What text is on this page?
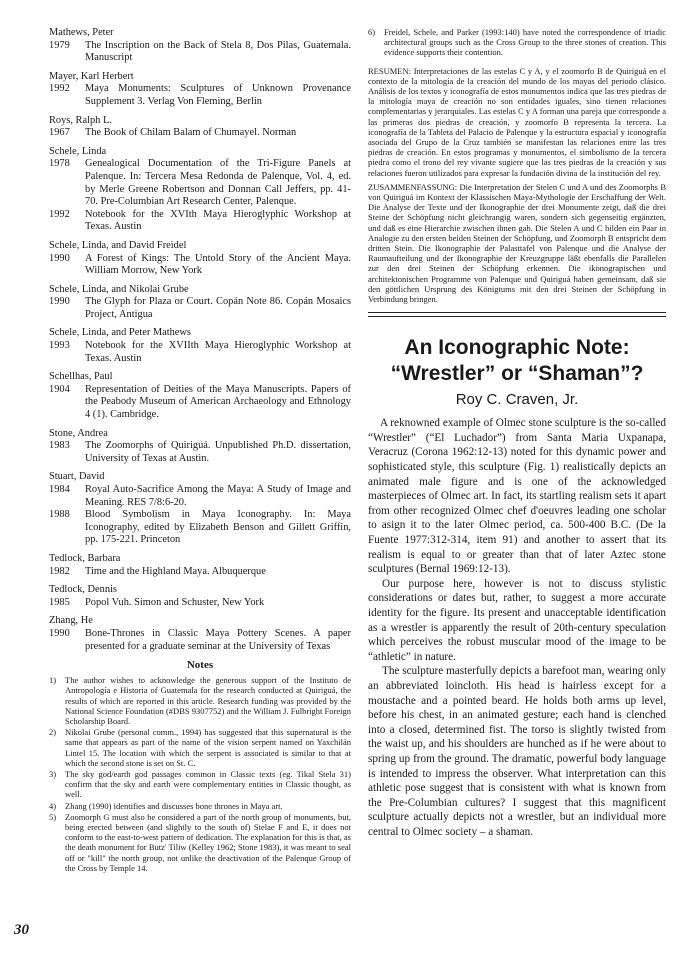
Mathews, Peter
1979	The Inscription on the Back of Stela 8, Dos Pilas, Guatemala. Manuscript
Mayer, Karl Herbert
1992	Maya Monuments: Sculptures of Unknown Provenance Supplement 3. Verlag Von Fleming, Berlin
Roys, Ralph L.
1967	The Book of Chilam Balam of Chumayel. Norman
Schele, Linda
1978	Genealogical Documentation of the Tri-Figure Panels at Palenque. In: Tercera Mesa Redonda de Palenque, Vol. 4, ed. by Merle Greene Robertson and Donnan Call Jeffers, pp. 41-70. Pre-Columbian Art Research Center, Palenque.
1992	Notebook for the XVIth Maya Hieroglyphic Workshop at Texas. Austin
Schele, Linda, and David Freidel
1990	A Forest of Kings: The Untold Story of the Ancient Maya. William Morrow, New York
Schele, Linda, and Nikolai Grube
1990	The Glyph for Plaza or Court. Copán Note 86. Copán Mosaics Project, Antigua
Schele, Linda, and Peter Mathews
1993	Notebook for the XVIIth Maya Hieroglyphic Workshop at Texas. Austin
Schellhas, Paul
1904	Representation of Deities of the Maya Manuscripts. Papers of the Peabody Museum of American Archaeology and Ethnology 4 (1). Cambridge.
Stone, Andrea
1983	The Zoomorphs of Quiriguá. Unpublished Ph.D. dissertation, University of Texas at Austin.
Stuart, David
1984	Royal Auto-Sacrifice Among the Maya: A Study of Image and Meaning. RES 7/8:6-20.
1988	Blood Symbolism in Maya Iconography. In: Maya Iconography, edited by Elizabeth Benson and Gillett Griffin, pp. 175-221. Princeton
Tedlock, Barbara
1982	Time and the Highland Maya. Albuquerque
Tedlock, Dennis
1985	Popol Vuh. Simon and Schuster, New York
Zhang, He
1990	Bone-Thrones in Classic Maya Pottery Scenes. A paper presented for a graduate seminar at the University of Texas
Notes
1)	The author wishes to acknowledge the generous support of the Instituto de Antropología e Historia of Guatemala for the research conducted at Quiriguá, the results of which are reported in this article. Research funding was provided by the National Science Foundation (#DBS 9307752) and the William J. Fulbright Foreign Scholarship Board.
2)	Nikolai Grube (personal comm., 1994) has suggested that this supernatural is the same that appears as part of the name of the vision serpent named on Yaxchilán Lintel 15. The location with which the serpent is associated is similar to that at which the second stone is set on St. C.
3)	The sky god/earth god passages common in Classic texts (eg. Tikal Stela 31) confirm that the sky and earth were complementary entities in Classic thought, as well.
4)	Zhang (1990) identifies and discusses bone thrones in Maya art.
5)	Zoomorph G must also be considered a part of the north group of monuments, but, being erected between (and slightly to the south of) Stelae F and E, it does not conform to the east-to-west pattern of dedication. The explanation for this is that, as the death monument for Butz' Tiliw (Kelley 1962; Stone 1983), it was meant to seal off or "kill" the north group, not unlike the deactivation of the Palenque Group of the Cross by Temple 14.
6)	Freidel, Schele, and Parker (1993:140) have noted the correspondence of triadic architectural groups such as the Cross Group to the three stones of creation. This evidence supports their contention.
RESUMEN: Interpretaciones de las estelas C y A, y el zoomorfo B de Quiriguá en el contexto de la mitología de la creación del mundo de los mayas del periodo clásico. Análisis de los textos y iconografía de estos monumentos indica que las tres piedras de la mitología maya de creación no son entidades iguales, sino tienen relaciones complementarias y jerarquiales. Las estelas C y A forman una pareja que corresponde a las primeras dos piedras de creación, y zoomorfo B representa la tercera. La iconografía de la Tableta del Palacio de Palenque y la estructura espacial y iconografía asociada del Grupo de la Cruz también se manifestan las relaciones entre las tres piedras de creación. En estos programas y monumentos, el simbolismo de la tercera piedra como el trono del rey vivante sugiere que las tres piedras de la creación y sus relaciones fueron utilizados para expresar la fundación divina de la institución del rey.
ZUSAMMENFASSUNG: Die Interpretation der Stelen C und A und des Zoomorphs B von Quiriguá im Kontext der Klassischen Maya-Mythologie der Erschaffung der Welt. Die Analyse der Texte und der Ikonographie der drei Monumente zeigt, daß die drei Steine der Schöpfung nicht gleichrangig waren, sondern sich gegenseitig ergänzten, und daß es eine Hierarchie zwischen ihnen gab. Die Stelen A und C bilden ein Paar in Analogie zu den ersten beiden Steinen der Schöpfung, und Zoomorph B entspricht dem dritten Stein. Die Ikonographie der Palasttafel von Palenque und die Analyse der Raumaufteilung und der Ikonographie der Kreuzgruppe läßt ebenfalls die Parallelen zur den drei Steinen der Schöpfung erkennen. Die ikonograpischen und architektonischen Programme von Palenque und Quiriguá haben gemeinsam, daß sie den göttlichen Ursprung des Königtums mit den drei Steinen der Schöpfung in Verbindung bringen.
An Iconographic Note:
“Wrestler” or “Shaman”?
Roy C. Craven, Jr.

A reknowned example of Olmec stone sculpture is the so-called “Wrestler” (“El Luchador”) from Santa Maria Uxpanapa, Veracruz (Corona 1962:12-13) noted for this dynamic power and sophisticated style, this sculpture (Fig. 1) realistically depicts an animated male figure and is one of the acknowledged masterpieces of Olmec art. In fact, its startling realism sets it apart from other recognized Olmec chef d'oeuvres leading one scholar to asign it to the later Olmec period, ca. 500-400 B.C. (De la Fuente 1977:312-314, item 91) and another to assert that its realism is equal to or greater than that of later Aztec stone sculptures (Bernal 1969:12-13).

Our purpose here, however is not to discuss stylistic considerations or dates but, rather, to suggest a more accurate identity for the figure. Its present and unacceptable identification as a wrestler is apparently the result of 20th-century speculation which perceives the robust muscular mood of the image to be “athletic” in nature.

The sculpture masterfully depicts a barefoot man, wearing only an abbreviated loincloth. His head is hairless except for a moustache and a pointed beard. He holds both arms up level, before his chest, in an animated gesture; each hand is clenched into a closed, determined fist. The torso is slightly twisted from the waist up, and his shoulders are hunched as if he were about to spring up from the ground. The dramatic, powerful body language is intended to impress the observer. What interpretation can this athletic pose suggest that is consistent with what is known from the Pre-Columbian cultures? I suggest that this magnificent sculpture actually depicts not a wrestler, but an individual more central to Olmec society – a shaman.

30
